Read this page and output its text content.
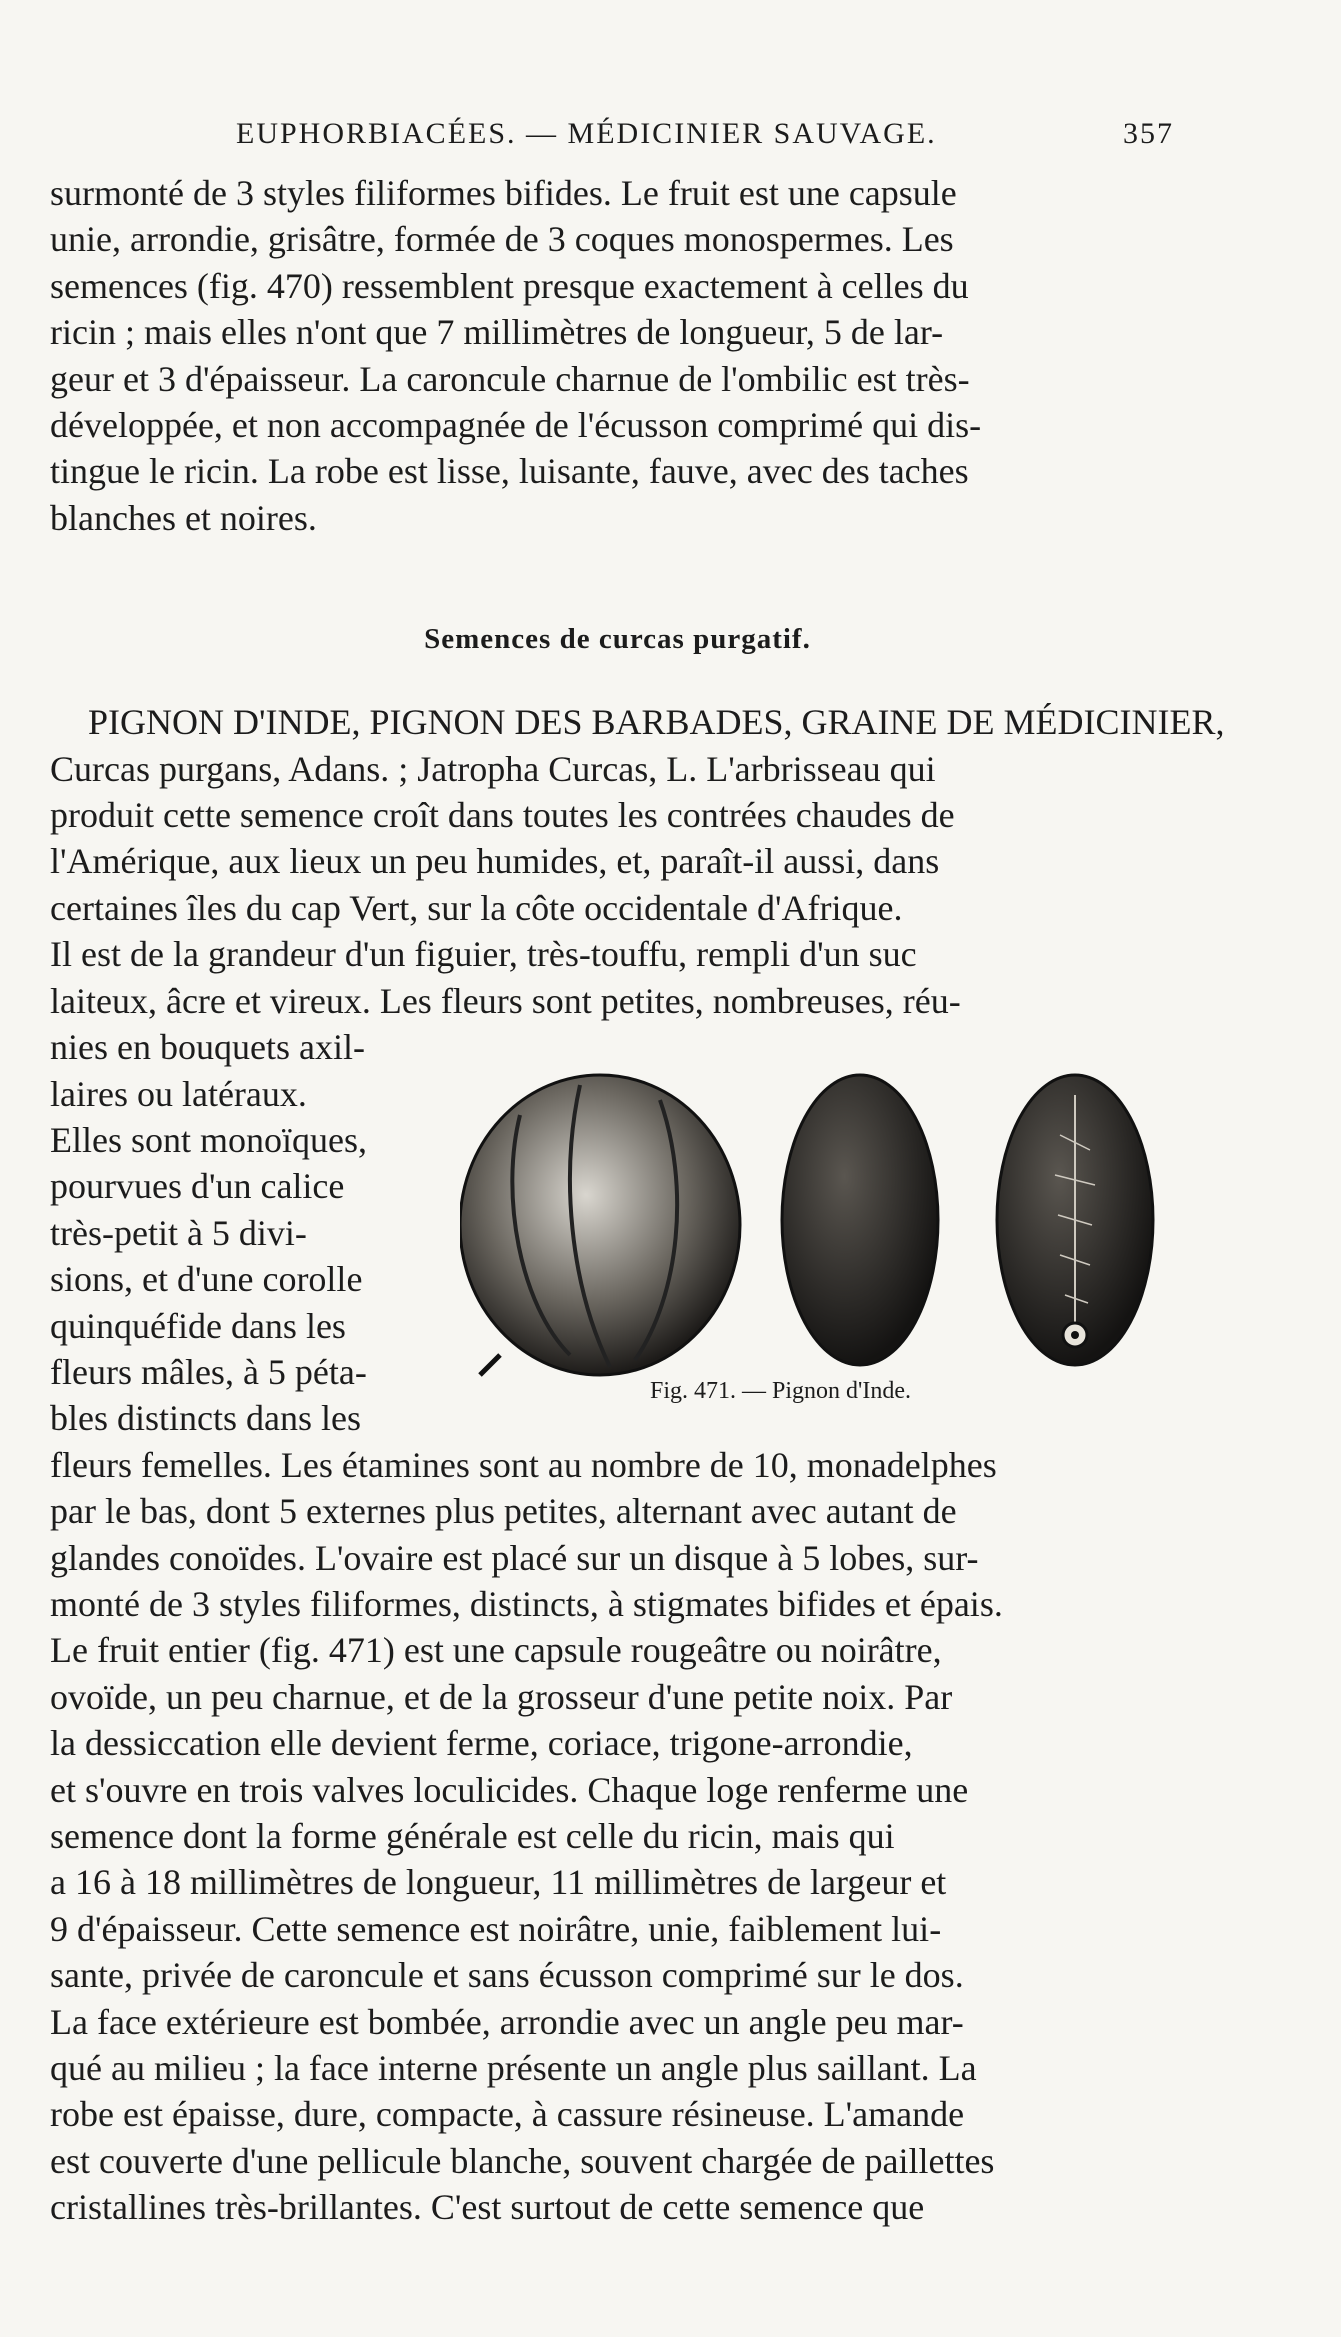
EUPHORBIACÉES. — MÉDICINIER SAUVAGE.	357

surmonté de 3 styles filiformes bifides. Le fruit est une capsule
unie, arrondie, grisâtre, formée de 3 coques monospermes. Les
semences (fig. 470) ressemblent presque exactement à celles du
ricin ; mais elles n'ont que 7 millimètres de longueur, 5 de lar-
geur et 3 d'épaisseur. La caroncule charnue de l'ombilic est très-
développée, et non accompagnée de l'écusson comprimé qui dis-
tingue le ricin. La robe est lisse, luisante, fauve, avec des taches
blanches et noires.

Semences de curcas purgatif.

PIGNON D'INDE, PIGNON DES BARBADES, GRAINE DE MÉDICINIER,
Curcas purgans, Adans. ; Jatropha Curcas, L. L'arbrisseau qui
produit cette semence croît dans toutes les contrées chaudes de
l'Amérique, aux lieux un peu humides, et, paraît-il aussi, dans
certaines îles du cap Vert, sur la côte occidentale d'Afrique.
Il est de la grandeur d'un figuier, très-touffu, rempli d'un suc
laiteux, âcre et vireux. Les fleurs sont petites, nombreuses, réu-

nies en bouquets axil-
laires ou latéraux.
Elles sont monoïques,
pourvues d'un calice
très-petit à 5 divi-
sions, et d'une corolle
quinquéfide dans les
fleurs mâles, à 5 péta-
bles distincts dans les
fleurs femelles. Les étamines sont au nombre de 10, monadelphes
par le bas, dont 5 externes plus petites, alternant avec autant de
glandes conoïdes. L'ovaire est placé sur un disque à 5 lobes, sur-
monté de 3 styles filiformes, distincts, à stigmates bifides et épais.
Le fruit entier (fig. 471) est une capsule rougeâtre ou noirâtre,
ovoïde, un peu charnue, et de la grosseur d'une petite noix. Par
la dessiccation elle devient ferme, coriace, trigone-arrondie,
et s'ouvre en trois valves loculicides. Chaque loge renferme une
semence dont la forme générale est celle du ricin, mais qui
a 16 à 18 millimètres de longueur, 11 millimètres de largeur et
9 d'épaisseur. Cette semence est noirâtre, unie, faiblement lui-
sante, privée de caroncule et sans écusson comprimé sur le dos.
La face extérieure est bombée, arrondie avec un angle peu mar-
qué au milieu ; la face interne présente un angle plus saillant. La
robe est épaisse, dure, compacte, à cassure résineuse. L'amande
est couverte d'une pellicule blanche, souvent chargée de paillettes
cristallines très-brillantes. C'est surtout de cette semence que
Fig. 471. — Pignon d'Inde.
